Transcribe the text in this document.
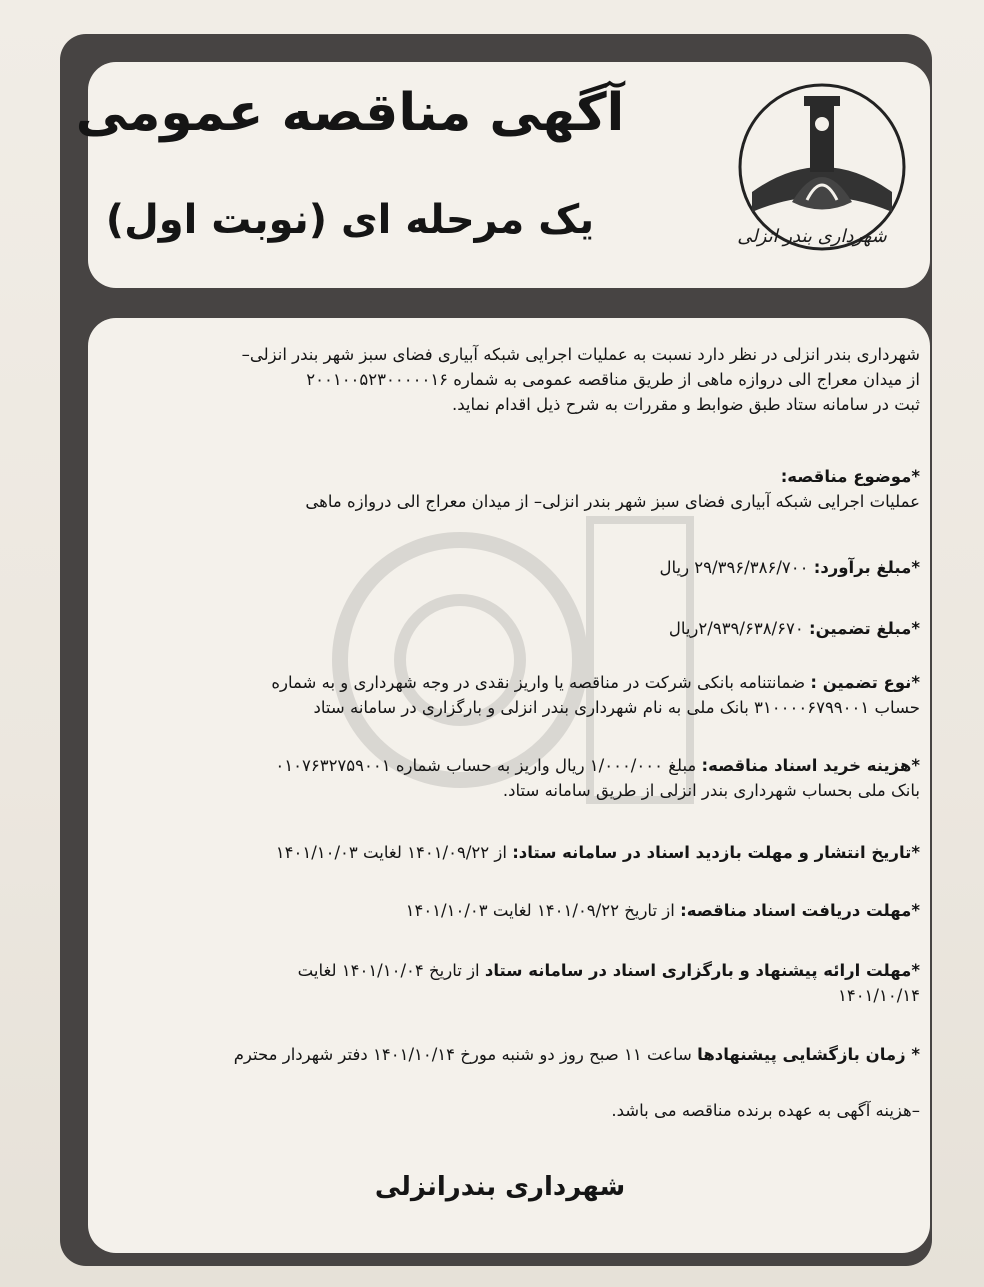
آگهی مناقصه عمومی
یک مرحله ای (نوبت اول)	شهرداری بندر انزلی
شهرداری بندر انزلی در نظر دارد نسبت به عملیات اجرایی شبکه آبیاری فضای سبز شهر بندر انزلی–
از میدان معراج الی دروازه ماهی از طریق مناقصه عمومی به شماره ۲۰۰۱۰۰۵۲۳۰۰۰۰۰۱۶
ثبت در سامانه ستاد طبق ضوابط و مقررات به شرح ذیل اقدام نماید.
*موضوع مناقصه:
عملیات اجرایی شبکه آبیاری فضای سبز شهر بندر انزلی– از میدان معراج الی دروازه ماهی
*مبلغ برآورد: ۲۹/۳۹۶/۳۸۶/۷۰۰ ریال
*مبلغ تضمین: ۲/۹۳۹/۶۳۸/۶۷۰ریال
*نوع تضمین : ضمانتنامه بانکی شرکت در مناقصه یا واریز نقدی در وجه شهرداری و به شماره
حساب ۳۱۰۰۰۰۶۷۹۹۰۰۱ بانک ملی به نام شهرداری بندر انزلی و بارگزاری در سامانه ستاد
*هزینه خرید اسناد مناقصه: مبلغ ۱/۰۰۰/۰۰۰ ریال واریز به حساب شماره ۰۱۰۷۶۳۲۷۵۹۰۰۱
بانک ملی بحساب شهرداری بندر انزلی از طریق سامانه ستاد.
*تاریخ انتشار و مهلت بازدید اسناد در سامانه ستاد: از ۱۴۰۱/۰۹/۲۲ لغایت ۱۴۰۱/۱۰/۰۳
*مهلت دریافت اسناد مناقصه: از تاریخ ۱۴۰۱/۰۹/۲۲ لغایت ۱۴۰۱/۱۰/۰۳
*مهلت ارائه پیشنهاد و بارگزاری اسناد در سامانه ستاد از تاریخ ۱۴۰۱/۱۰/۰۴ لغایت
۱۴۰۱/۱۰/۱۴
* زمان بازگشایی پیشنهادها ساعت ۱۱ صبح روز دو شنبه مورخ ۱۴۰۱/۱۰/۱۴ دفتر شهردار محترم
–هزینه آگهی به عهده برنده مناقصه می باشد.
شهرداری بندرانزلی
